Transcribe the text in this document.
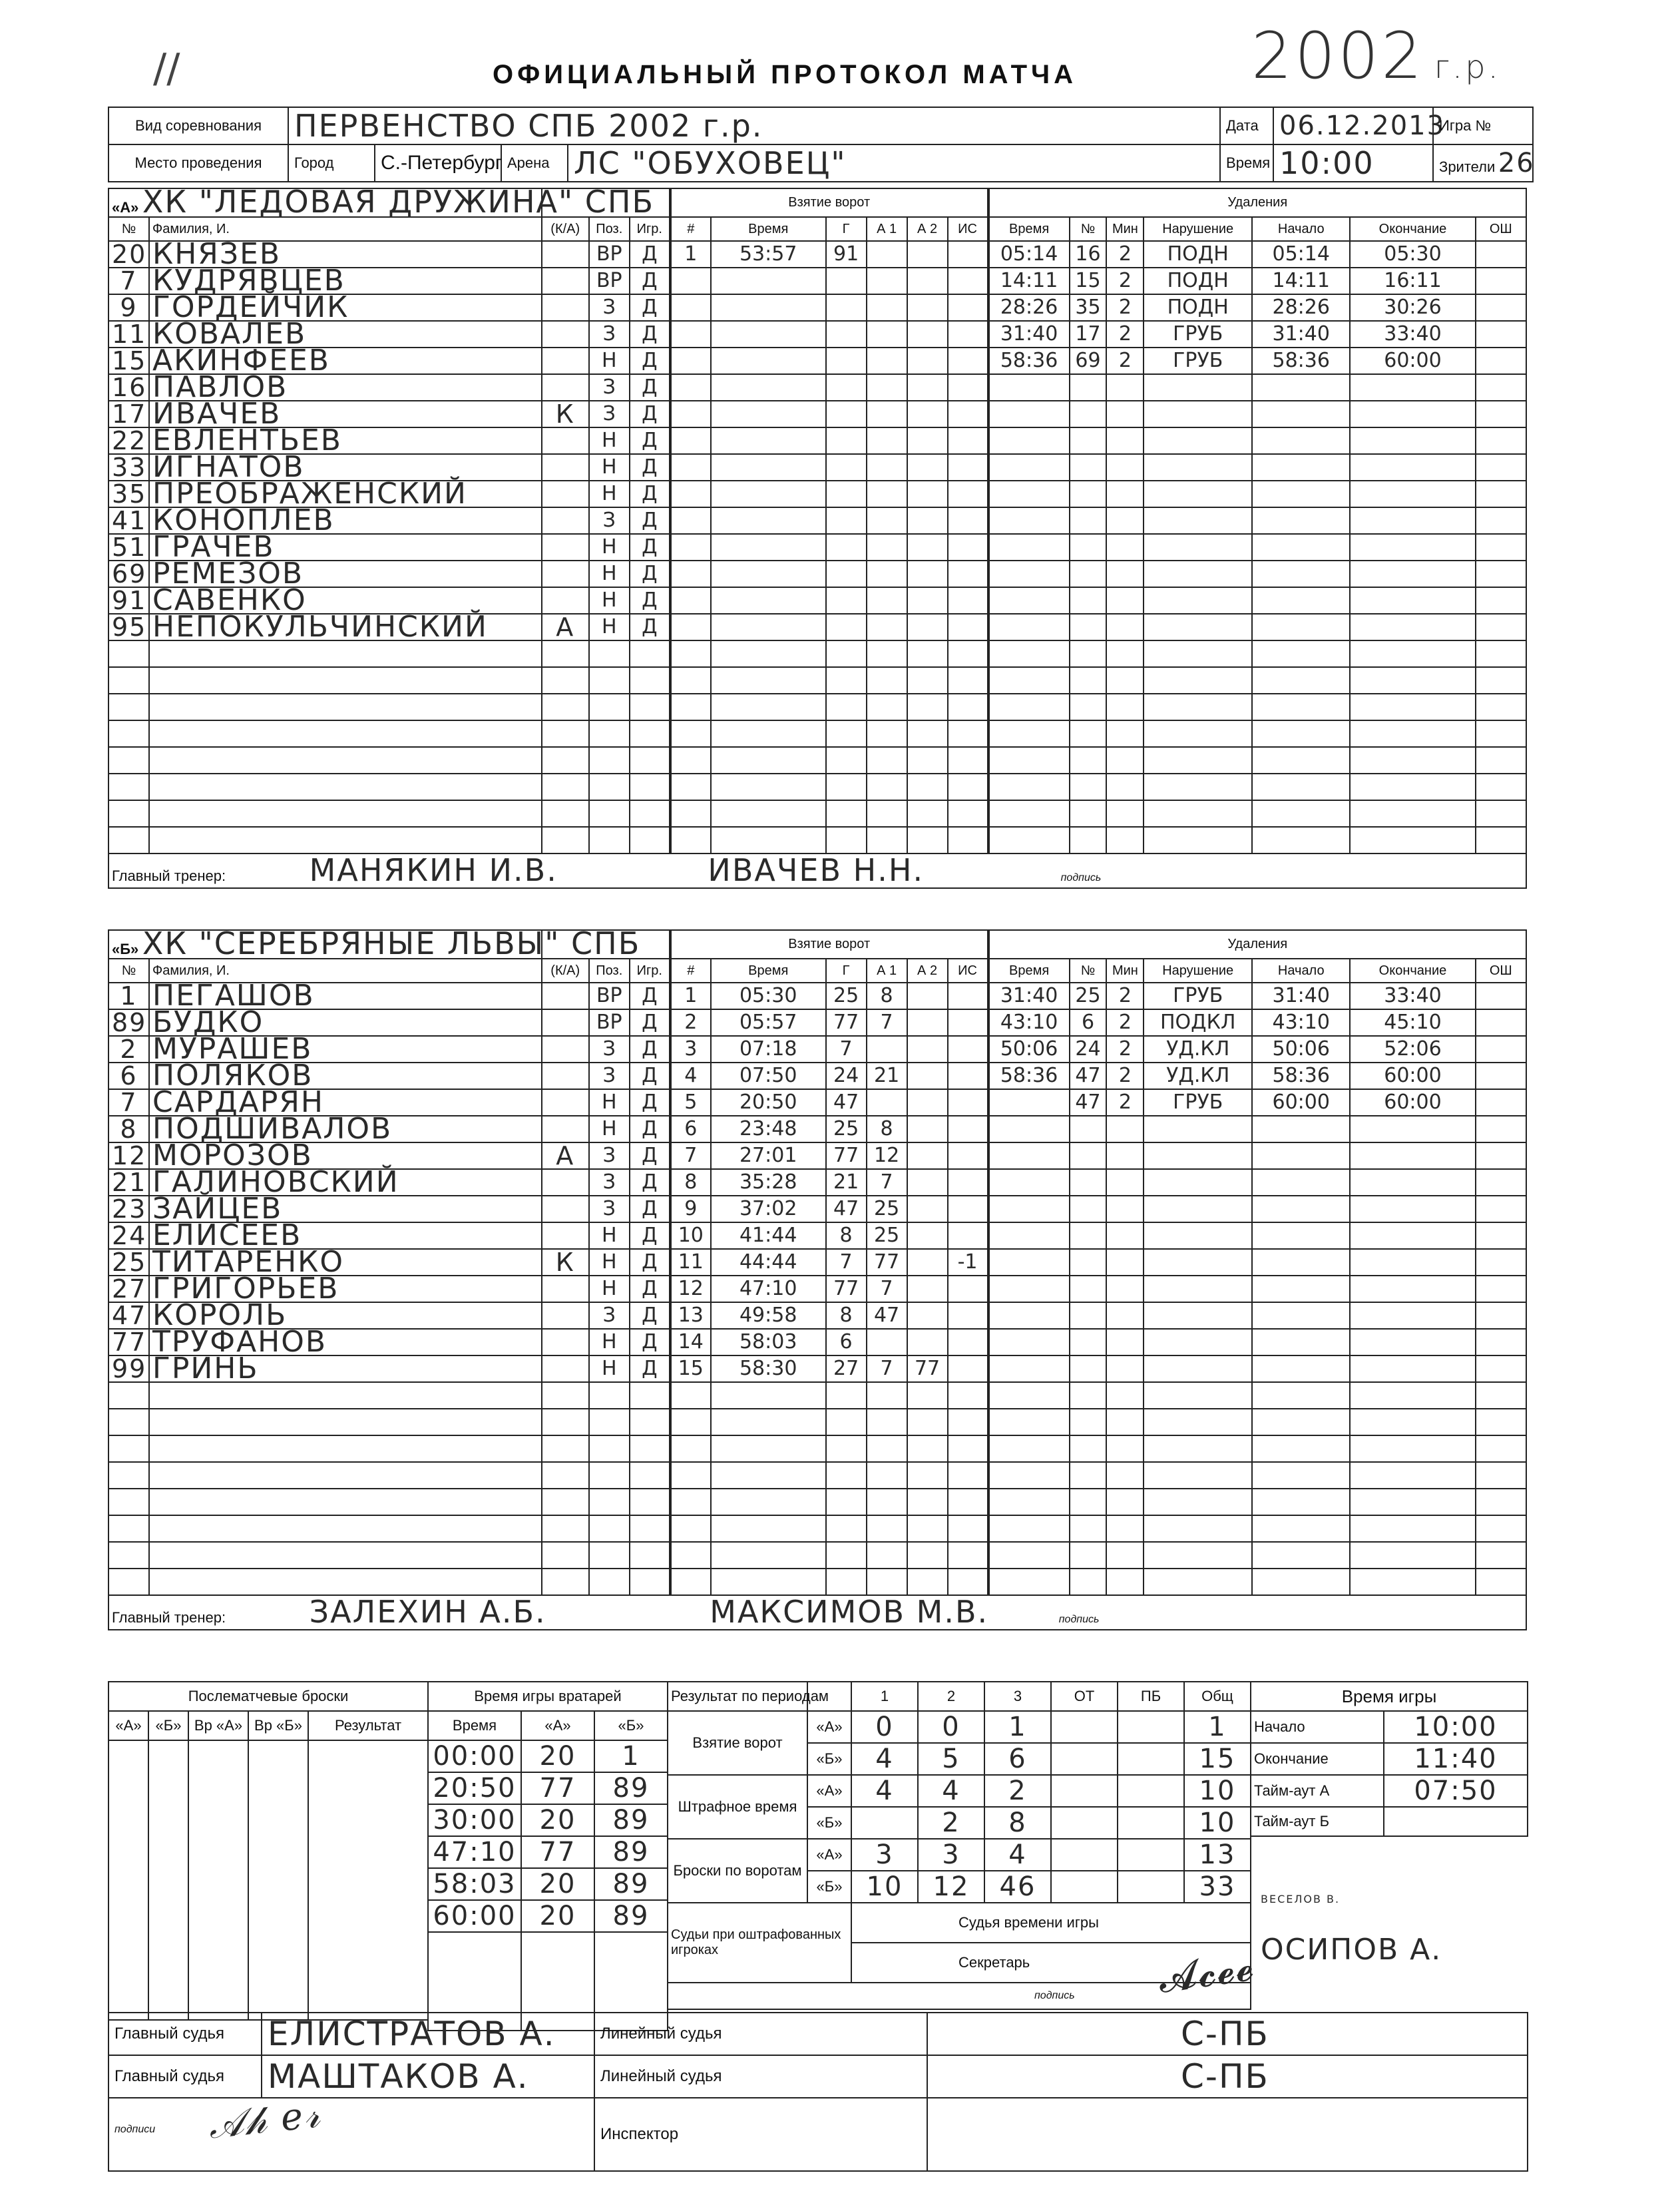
//	ОФИЦИАЛЬНЫЙ ПРОТОКОЛ МАТЧА	2002 г.р.
Вид соревнования	ПЕРВЕНСТВО СПБ 2002 г.р.				Дата	06.12.2013	Игра №
Место проведения	Город	С.-Петербург	Арена	ЛС "ОБУХОВЕЦ"	Время	10:00	Зрители 26
«А» ХК "ЛЕДОВАЯ ДРУЖИНА" СПБ					Взятие ворот						Удаления						
№	Фамилия, И.	(К/А)	Поз.	Игр.	#	Время	Г	А 1	А 2	ИС	Время	№	Мин	Нарушение	Начало	Окончание	ОШ
20	КНЯЗЕВ		ВР	Д	1	53:57	91				05:14	16	2	ПОДН	05:14	05:30	
7	КУДРЯВЦЕВ		ВР	Д							14:11	15	2	ПОДН	14:11	16:11	
9	ГОРДЕЙЧИК		З	Д							28:26	35	2	ПОДН	28:26	30:26	
11	КОВАЛЕВ		З	Д							31:40	17	2	ГРУБ	31:40	33:40	
15	АКИНФЕЕВ		Н	Д							58:36	69	2	ГРУБ	58:36	60:00	
16	ПАВЛОВ		З	Д													
17	ИВАЧЕВ	К	З	Д													
22	ЕВЛЕНТЬЕВ		Н	Д													
33	ИГНАТОВ		Н	Д													
35	ПРЕОБРАЖЕНСКИЙ		Н	Д													
41	КОНОПЛЕВ		З	Д													
51	ГРАЧЕВ		Н	Д													
69	РЕМЕЗОВ		Н	Д													
91	САВЕНКО		Н	Д													
95	НЕПОКУЛЬЧИНСКИЙ	А	Н	Д													

Главный тренер: МАНЯКИН И.В. ИВАЧЕВ Н.Н. подпись																	
«Б» ХК "СЕРЕБРЯНЫЕ ЛЬВЫ" СПБ					Взятие ворот						Удаления						
№	Фамилия, И.	(К/А)	Поз.	Игр.	#	Время	Г	А 1	А 2	ИС	Время	№	Мин	Нарушение	Начало	Окончание	ОШ
1	ПЕГАШОВ		ВР	Д	1	05:30	25	8			31:40	25	2	ГРУБ	31:40	33:40	
89	БУДКО		ВР	Д	2	05:57	77	7			43:10	6	2	ПОДКЛ	43:10	45:10	
2	МУРАШЕВ		З	Д	3	07:18	7				50:06	24	2	УД.КЛ	50:06	52:06	
6	ПОЛЯКОВ		З	Д	4	07:50	24	21			58:36	47	2	УД.КЛ	58:36	60:00	
7	САРДАРЯН		Н	Д	5	20:50	47					47	2	ГРУБ	60:00	60:00	
8	ПОДШИВАЛОВ		Н	Д	6	23:48	25	8									
12	МОРОЗОВ	А	З	Д	7	27:01	77	12									
21	ГАЛИНОВСКИЙ		З	Д	8	35:28	21	7									
23	ЗАЙЦЕВ		З	Д	9	37:02	47	25									
24	ЕЛИСЕЕВ		Н	Д	10	41:44	8	25									
25	ТИТАРЕНКО	К	Н	Д	11	44:44	7	77		-1							
27	ГРИГОРЬЕВ		Н	Д	12	47:10	77	7									
47	КОРОЛЬ		З	Д	13	49:58	8	47									
77	ТРУФАНОВ		Н	Д	14	58:03	6										
99	ГРИНЬ		Н	Д	15	58:30	27	7	77								

Главный тренер: ЗАЛЕХИН А.Б. МАКСИМОВ М.В. подпись																	
Послематчевые броски				
«А»	«Б»	Вр «А»	Вр «Б»	Результат

Время игры вратарей		
Время	«А»	«Б»
00:00	20	1
20:50	77	89
30:00	20	89
47:10	77	89
58:03	20	89
60:00	20	89

Результат по периодам		1	2	3	ОТ	ПБ	Общ
Взятие ворот	«А»	0	0	1			1
	«Б»	4	5	6			15
Штрафное время	«А»	4	4	2			10
	«Б»		2	8			10
Броски по воротам	«А»	3	3	4			13
	«Б»	10	12	46			33
Судьи при оштрафованных игроках		Судья времени игры					
		Секретарь					
подпись							
ВЕСЕЛОВ В.
ОСИПОВ А.
𝓐𝓬𝓮𝓮
Время игры	
Начало	10:00
Окончание	11:40
Тайм-аут А	07:50
Тайм-аут Б	
Главный судья	ЕЛИСТРАТОВ А.	Линейный судья	С-ПБ
Главный судья	МАШТАКОВ А.	Линейный судья	С-ПБ
подписи 𝒜𝒽 ℯ𝓇		Инспектор	
